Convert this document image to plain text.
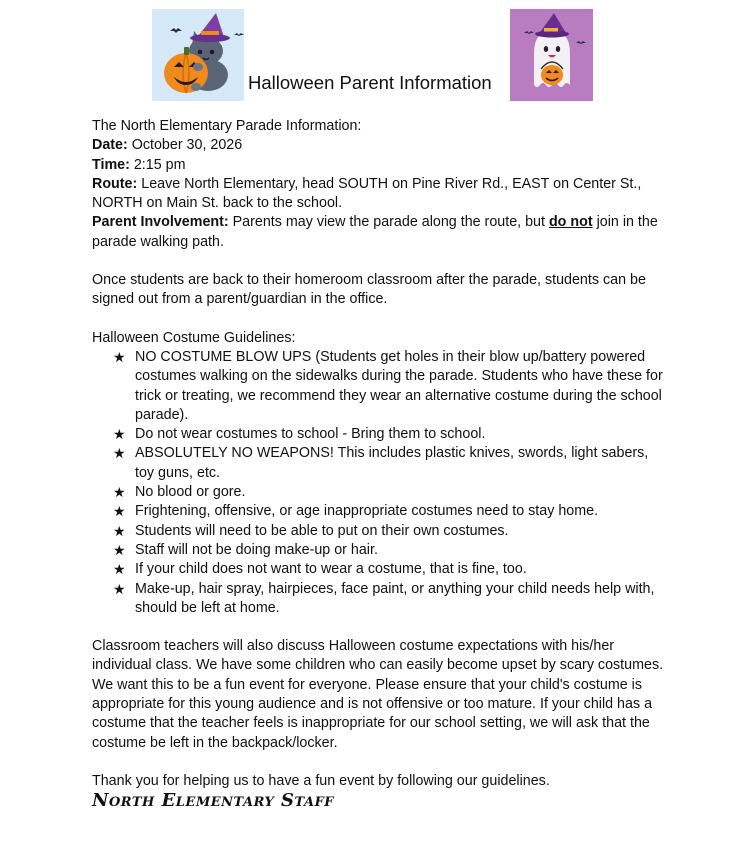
Halloween Parent Information

The North Elementary Parade Information:

Date: October 30, 2026

Time: 2:15 pm

Route: Leave North Elementary, head SOUTH on Pine River Rd., EAST on Center St., NORTH on Main St. back to the school.

Parent Involvement: Parents may view the parade along the route, but do not join in the parade walking path.

Once students are back to their homeroom classroom after the parade, students can be signed out from a parent/guardian in the office.

Halloween Costume Guidelines:

★ NO COSTUME BLOW UPS (Students get holes in their blow up/battery powered costumes walking on the sidewalks during the parade. Students who have these for trick or treating, we recommend they wear an alternative costume during the school parade).
★ Do not wear costumes to school - Bring them to school.
★ ABSOLUTELY NO WEAPONS! This includes plastic knives, swords, light sabers, toy guns, etc.
★ No blood or gore.
★ Frightening, offensive, or age inappropriate costumes need to stay home.
★ Students will need to be able to put on their own costumes.
★ Staff will not be doing make-up or hair.
★ If your child does not want to wear a costume, that is fine, too.
★ Make-up, hair spray, hairpieces, face paint, or anything your child needs help with, should be left at home.

Classroom teachers will also discuss Halloween costume expectations with his/her individual class. We have some children who can easily become upset by scary costumes. We want this to be a fun event for everyone. Please ensure that your child's costume is appropriate for this young audience and is not offensive or too mature. If your child has a costume that the teacher feels is inappropriate for our school setting, we will ask that the costume be left in the backpack/locker.

Thank you for helping us to have a fun event by following our guidelines.

North Elementary Staff
